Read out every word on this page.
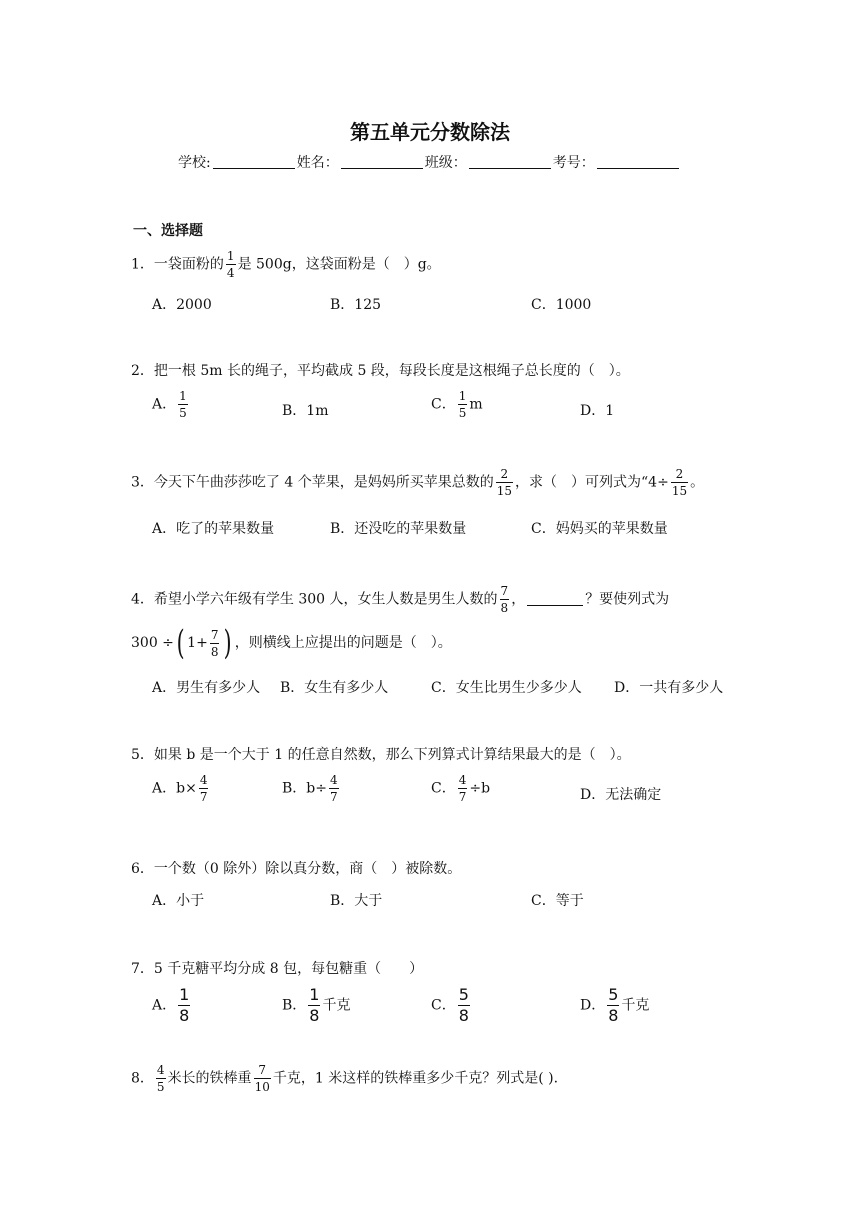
第五单元分数除法
学校:	姓名：	班级：	考号：
一、选择题
1．一袋面粉的 $\frac{1}{4}$ 是 500g，这袋面粉是（　）g。
A．2000	B．125	C．1000
2．把一根 5m 长的绳子，平均截成 5 段，每段长度是这根绳子总长度的（　）。
A． $\frac{1}{5}$	B．1m	C． $\frac{1}{5}$ m	D．1
3．今天下午曲莎莎吃了 4 个苹果，是妈妈所买苹果总数的 $\frac{2}{15}$ ，求（　）可列式为“$4\div \frac{2}{15}$ 。
A．吃了的苹果数量	B．还没吃的苹果数量	C．妈妈买的苹果数量
4．希望小学六年级有学生 300 人，女生人数是男生人数的 $\frac{7}{8}$ ，	？要使列式为
300 ÷( $1+ \frac{7}{8}$ ) ，则横线上应提出的问题是（　）。
A．男生有多少人 B．女生有多少人	C．女生比男生少多少人 D．一共有多少人
5．如果 b 是一个大于 1 的任意自然数，那么下列算式计算结果最大的是（　）。
A．$b\times \frac{4}{7}$	B．$b\div \frac{4}{7}$	C． $\frac{4}{7} \div b$	D．无法确定
6．一个数（0 除外）除以真分数，商（　）被除数。
A．小于	B．大于	C．等于
7．5 千克糖平均分成 8 包，每包糖重（　　）
A． $\frac{1}{8}$	B． $\frac{1}{8}$ 千克	C． $\frac{5}{8}$	D． $\frac{5}{8}$ 千克
8． $\frac{4}{5}$ 米长的铁棒重 $\frac{7}{10}$ 千克，1 米这样的铁棒重多少千克？列式是( ).
